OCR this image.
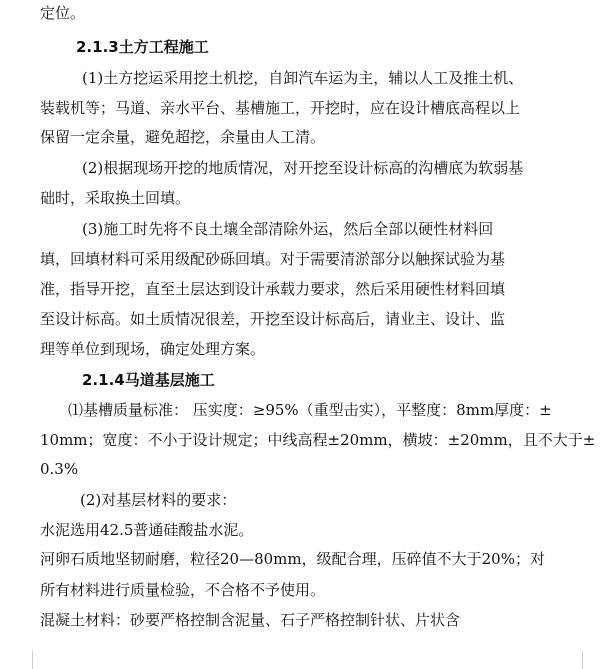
定位。
2.1.3土方工程施工
(1)土方挖运采用挖土机挖，自卸汽车运为主，辅以人工及推土机、
装载机等；马道、亲水平台、基槽施工，开挖时，应在设计槽底高程以上
保留一定余量，避免超挖，余量由人工清。
(2)根据现场开挖的地质情况，对开挖至设计标高的沟槽底为软弱基
础时，采取换土回填。
(3)施工时先将不良土壤全部清除外运，然后全部以硬性材料回
填，回填材料可采用级配砂砾回填。对于需要清淤部分以触探试验为基
准，指导开挖，直至土层达到设计承载力要求，然后采用硬性材料回填
至设计标高。如土质情况很差，开挖至设计标高后，请业主、设计、监
理等单位到现场，确定处理方案。
2.1.4马道基层施工
⑴基槽质量标准： 压实度：≥95%（重型击实），平整度：8mm厚度：±
10mm；宽度：不小于设计规定；中线高程±20mm，横坡：±20mm，且不大于±
0.3%
(2)对基层材料的要求：
水泥选用42.5普通硅酸盐水泥。
河卵石质地坚韧耐磨，粒径20—80mm，级配合理，压碎值不大于20%；对
所有材料进行质量检验，不合格不予使用。
混凝土材料：砂要严格控制含泥量、石子严格控制针状、片状含
